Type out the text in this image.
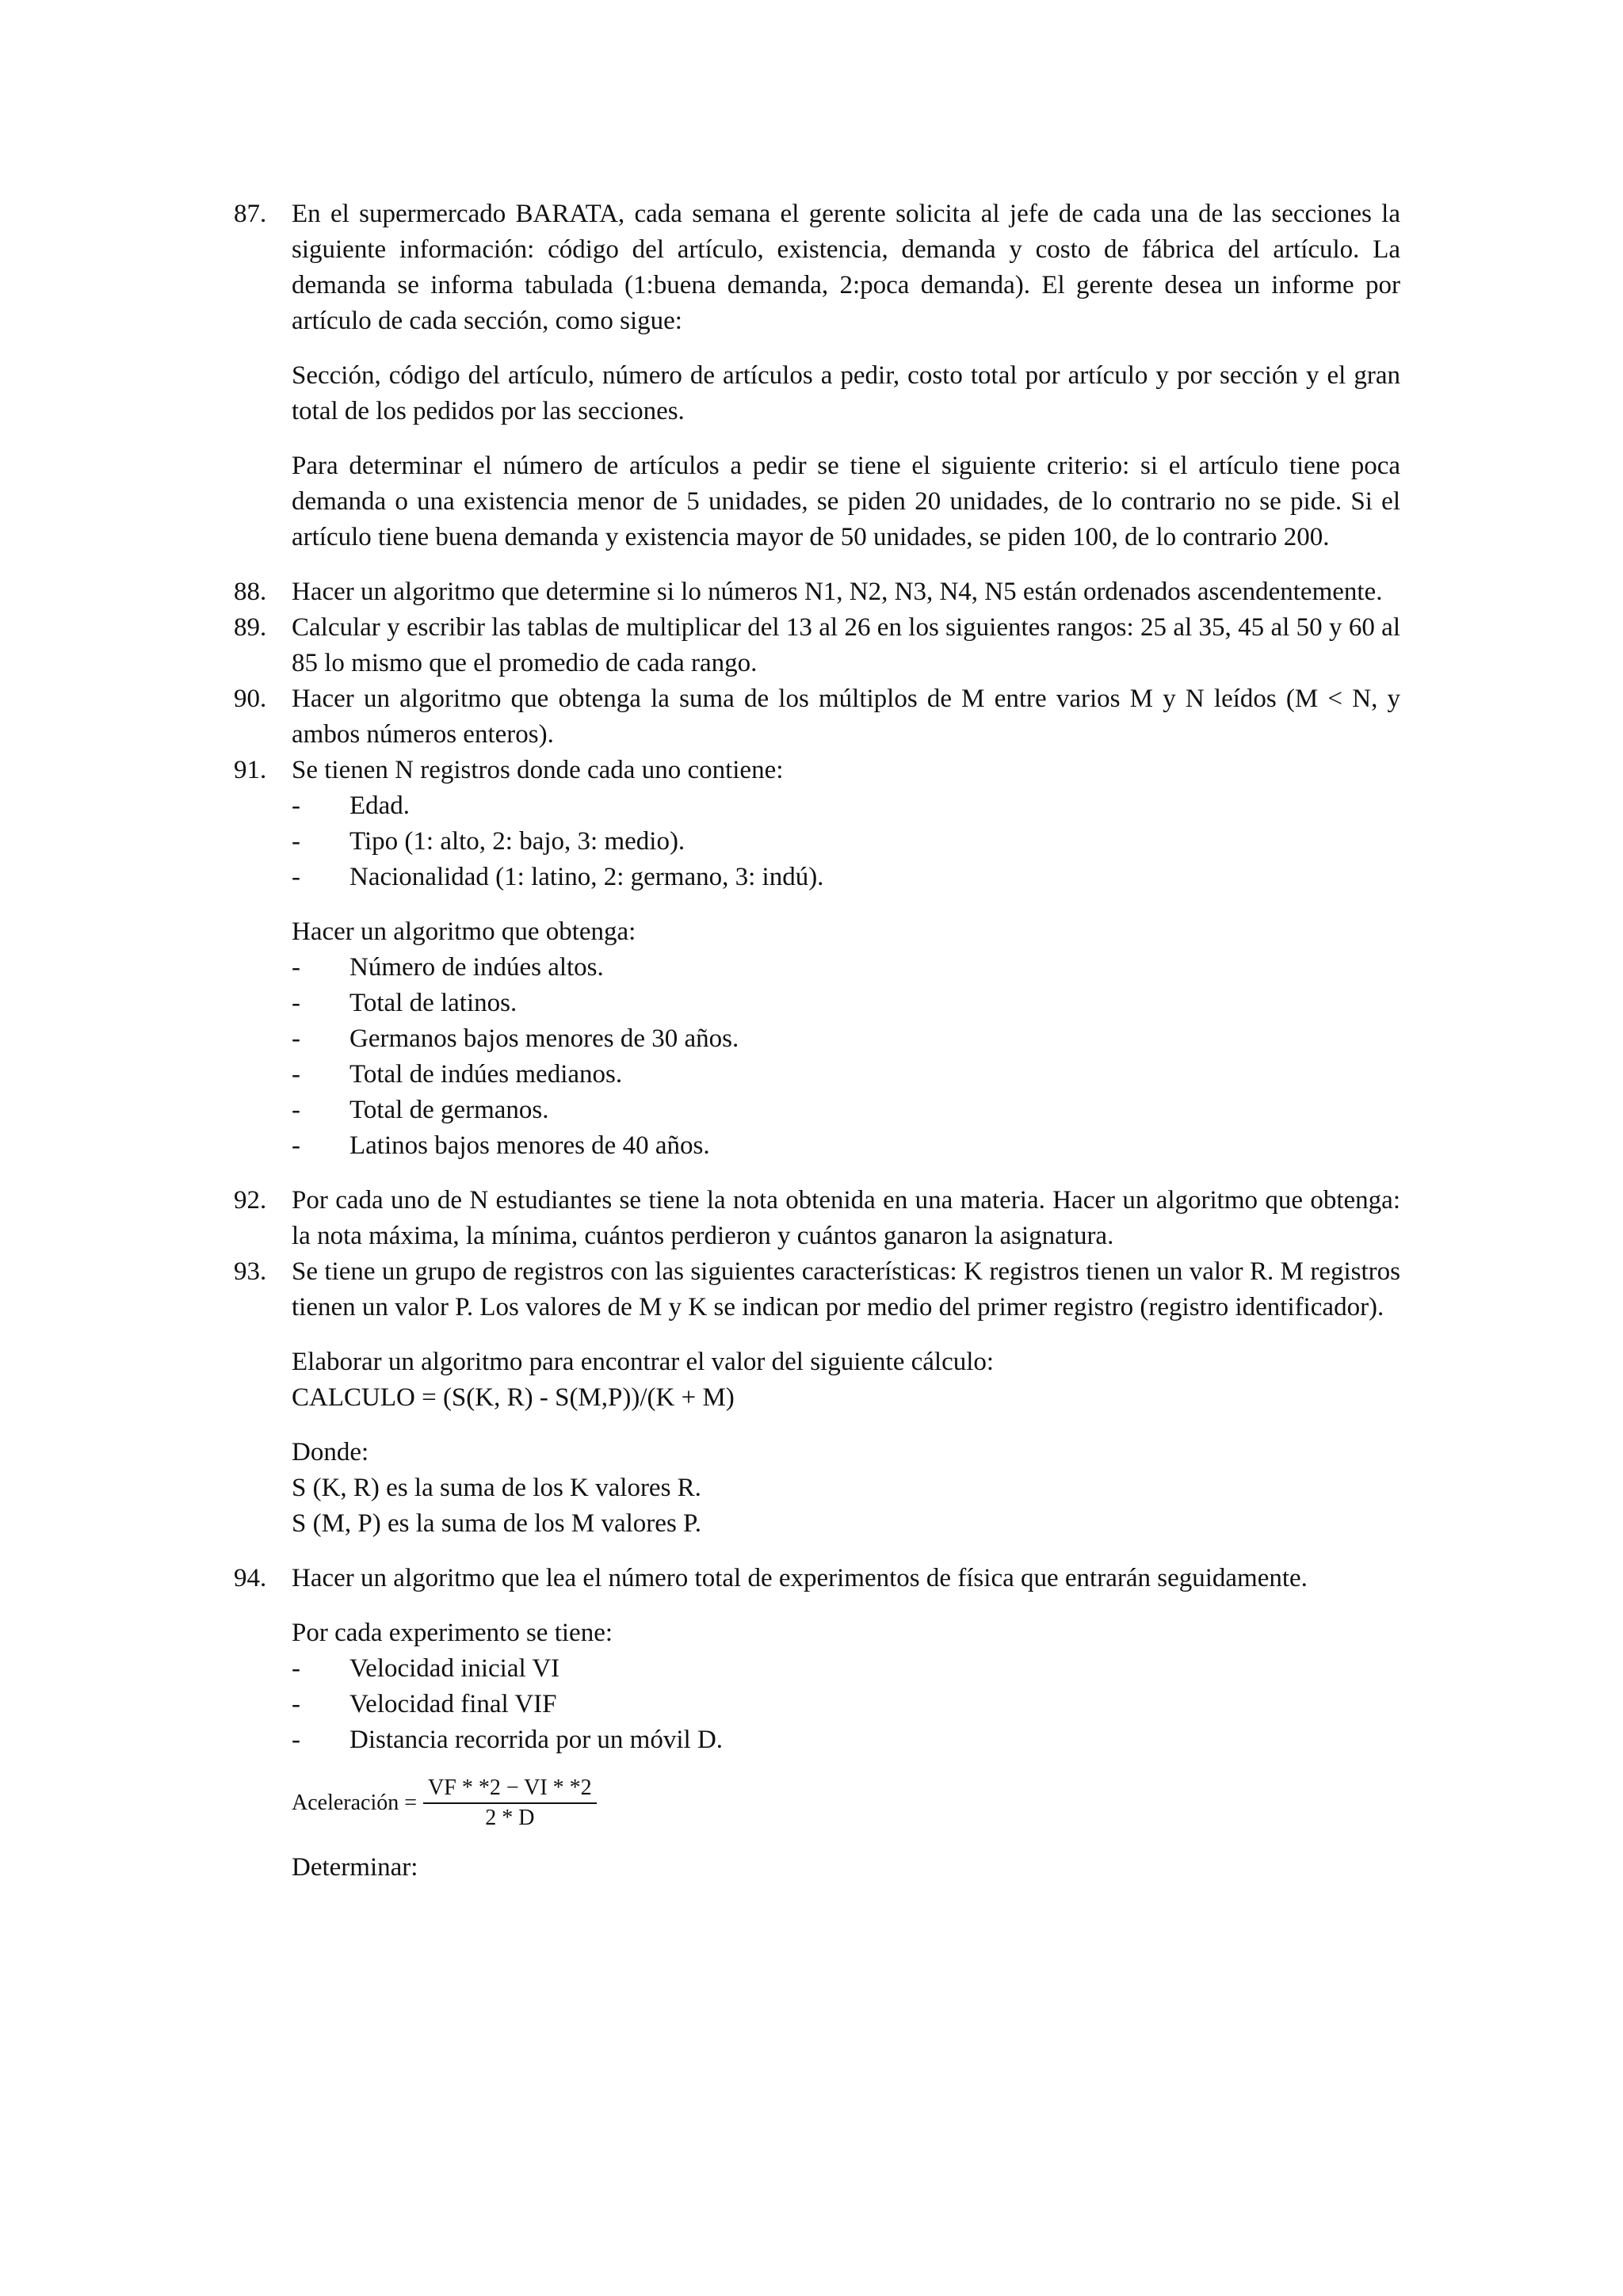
87. En el supermercado BARATA, cada semana el gerente solicita al jefe de cada una de las secciones la siguiente información: código del artículo, existencia, demanda y costo de fábrica del artículo. La demanda se informa tabulada (1:buena demanda, 2:poca demanda). El gerente desea un informe por artículo de cada sección, como sigue:

Sección, código del artículo, número de artículos a pedir, costo total por artículo y por sección y el gran total de los pedidos por las secciones.

Para determinar el número de artículos a pedir se tiene el siguiente criterio: si el artículo tiene poca demanda o una existencia menor de 5 unidades, se piden 20 unidades, de lo contrario no se pide. Si el artículo tiene buena demanda y existencia mayor de 50 unidades, se piden 100, de lo contrario 200.

88. Hacer un algoritmo que determine si lo números N1, N2, N3, N4, N5 están ordenados ascendentemente.

89. Calcular y escribir las tablas de multiplicar del 13 al 26 en los siguientes rangos: 25 al 35, 45 al 50 y 60 al 85 lo mismo que el promedio de cada rango.

90. Hacer un algoritmo que obtenga la suma de los múltiplos de M entre varios M y N leídos (M < N, y ambos números enteros).

91. Se tienen N registros donde cada uno contiene:

- Edad.
- Tipo (1: alto, 2: bajo, 3: medio).
- Nacionalidad (1: latino, 2: germano, 3: indú).

Hacer un algoritmo que obtenga:

- Número de indúes altos.
- Total de latinos.
- Germanos bajos menores de 30 años.
- Total de indúes medianos.
- Total de germanos.
- Latinos bajos menores de 40 años.
92. Por cada uno de N estudiantes se tiene la nota obtenida en una materia. Hacer un algoritmo que obtenga: la nota máxima, la mínima, cuántos perdieron y cuántos ganaron la asignatura.

93. Se tiene un grupo de registros con las siguientes características: K registros tienen un valor R. M registros tienen un valor P. Los valores de M y K se indican por medio del primer registro (registro identificador).

Elaborar un algoritmo para encontrar el valor del siguiente cálculo:
CALCULO = (S(K, R) - S(M,P))/(K + M)
Donde:
S (K, R) es la suma de los K valores R.
S (M, P) es la suma de los M valores P.
94. Hacer un algoritmo que lea el número total de experimentos de física que entrarán seguidamente.

Por cada experimento se tiene:

- Velocidad inicial VI
- Velocidad final VIF
- Distancia recorrida por un móvil D.
Aceleración = $\frac{VF * *2 - VI * *2}{2 * D}$

Determinar:
